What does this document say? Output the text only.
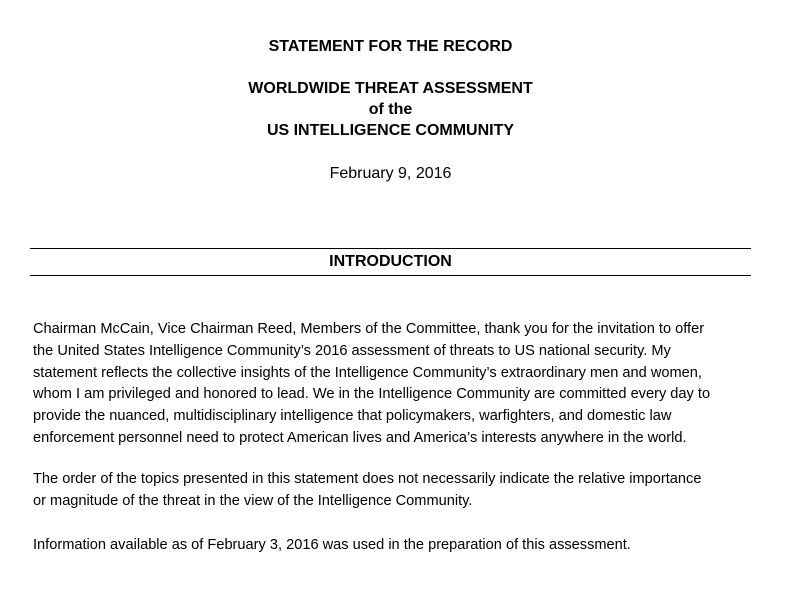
STATEMENT FOR THE RECORD
WORLDWIDE THREAT ASSESSMENT
of the
US INTELLIGENCE COMMUNITY
February 9, 2016
INTRODUCTION
Chairman McCain, Vice Chairman Reed, Members of the Committee, thank you for the invitation to offer
the United States Intelligence Community’s 2016 assessment of threats to US national security. My
statement reflects the collective insights of the Intelligence Community’s extraordinary men and women,
whom I am privileged and honored to lead. We in the Intelligence Community are committed every day to
provide the nuanced, multidisciplinary intelligence that policymakers, warfighters, and domestic law
enforcement personnel need to protect American lives and America’s interests anywhere in the world.
The order of the topics presented in this statement does not necessarily indicate the relative importance
or magnitude of the threat in the view of the Intelligence Community.
Information available as of February 3, 2016 was used in the preparation of this assessment.
